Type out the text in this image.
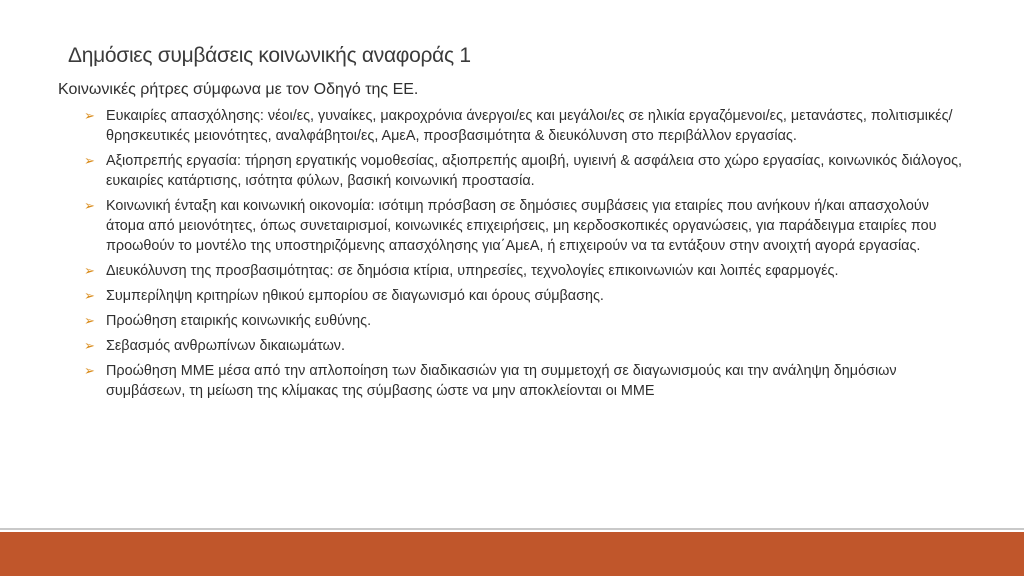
Δημόσιες συμβάσεις κοινωνικής αναφοράς 1
Κοινωνικές ρήτρες σύμφωνα με τον Οδηγό της ΕΕ.
➢ Ευκαιρίες απασχόλησης: νέοι/ες, γυναίκες, μακροχρόνια άνεργοι/ες και μεγάλοι/ες σε ηλικία εργαζόμενοι/ες, μετανάστες, πολιτισμικές/θρησκευτικές μειονότητες, αναλφάβητοι/ες, ΑμεΑ, προσβασιμότητα & διευκόλυνση στο περιβάλλον εργασίας.
➢ Αξιοπρεπής εργασία: τήρηση εργατικής νομοθεσίας, αξιοπρεπής αμοιβή, υγιεινή & ασφάλεια στο χώρο εργασίας, κοινωνικός διάλογος, ευκαιρίες κατάρτισης, ισότητα φύλων, βασική κοινωνική προστασία.
➢ Κοινωνική ένταξη και κοινωνική οικονομία: ισότιμη πρόσβαση σε δημόσιες συμβάσεις για εταιρίες που ανήκουν ή/και απασχολούν άτομα από μειονότητες, όπως συνεταιρισμοί, κοινωνικές επιχειρήσεις, μη κερδοσκοπικές οργανώσεις, για παράδειγμα εταιρίες που προωθούν το μοντέλο της υποστηριζόμενης απασχόλησης για΄ΑμεΑ, ή επιχειρούν να τα εντάξουν στην ανοιχτή αγορά εργασίας.
➢ Διευκόλυνση της προσβασιμότητας: σε δημόσια κτίρια, υπηρεσίες, τεχνολογίες επικοινωνιών και λοιπές εφαρμογές.
➢ Συμπερίληψη κριτηρίων ηθικού εμπορίου σε διαγωνισμό και όρους σύμβασης.
➢ Προώθηση εταιρικής κοινωνικής ευθύνης.
➢ Σεβασμός ανθρωπίνων δικαιωμάτων.
➢ Προώθηση ΜΜΕ μέσα από την απλοποίηση των διαδικασιών για τη συμμετοχή σε διαγωνισμούς και την ανάληψη δημόσιων συμβάσεων, τη μείωση της κλίμακας της σύμβασης ώστε να μην αποκλείονται οι ΜΜΕ
